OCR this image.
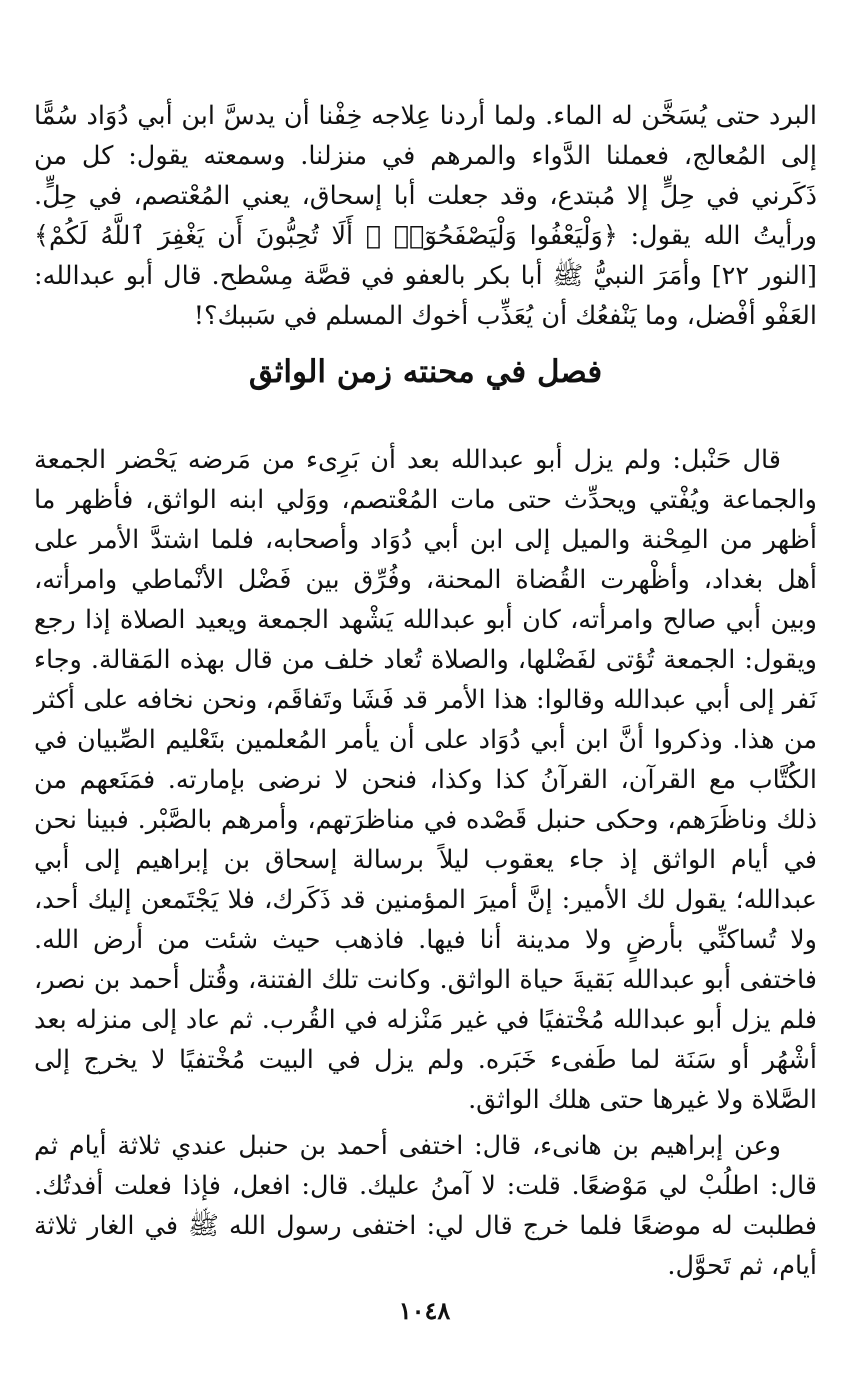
البرد حتى يُسَخَّن له الماء. ولما أردنا عِلاجه خِفْنا أن يدسَّ ابن أبي دُوَاد سُمًّا إلى المُعالج، فعملنا الدَّواء والمرهم في منزلنا. وسمعته يقول: كل من ذَكَرني في حِلٍّ إلا مُبتدع، وقد جعلت أبا إسحاق، يعني المُعْتصم، في حِلٍّ. ورأيتُ الله يقول: ﴿وَلْيَعْفُوا وَلْيَصْفَحُوٓا۟ ۗ أَلَا تُحِبُّونَ أَن يَغْفِرَ ٱللَّهُ لَكُمْ﴾ [النور ٢٢] وأمَرَ النبيُّ ﷺ أبا بكر بالعفو في قصَّة مِسْطح. قال أبو عبدالله: العَفْو أفْضل، وما يَنْفعُك أن يُعَذِّب أخوك المسلم في سَببك؟!

فصل في محنته زمن الواثق

قال حَنْبل: ولم يزل أبو عبدالله بعد أن بَرِىء من مَرضه يَحْضر الجمعة والجماعة ويُفْتي ويحدِّث حتى مات المُعْتصم، ووَلي ابنه الواثق، فأظهر ما أظهر من المِحْنة والميل إلى ابن أبي دُوَاد وأصحابه، فلما اشتدَّ الأمر على أهل بغداد، وأظْهرت القُضاة المحنة، وفُرِّق بين فَضْل الأنْماطي وامرأته، وبين أبي صالح وامرأته، كان أبو عبدالله يَشْهد الجمعة ويعيد الصلاة إذا رجع ويقول: الجمعة تُؤتى لفَضْلها، والصلاة تُعاد خلف من قال بهذه المَقالة. وجاء نَفر إلى أبي عبدالله وقالوا: هذا الأمر قد فَشَا وتَفاقَم، ونحن نخافه على أكثر من هذا. وذكروا أنَّ ابن أبي دُوَاد على أن يأمر المُعلمين بتَعْليم الصِّبيان في الكُتَّاب مع القرآن، القرآنُ كذا وكذا، فنحن لا نرضى بإمارته. فمَنَعهم من ذلك وناظَرَهم، وحكى حنبل قَصْده في مناظرَتهم، وأمرهم بالصَّبْر. فبينا نحن في أيام الواثق إذ جاء يعقوب ليلاً برسالة إسحاق بن إبراهيم إلى أبي عبدالله؛ يقول لك الأمير: إنَّ أميرَ المؤمنين قد ذَكَرك، فلا يَجْتَمعن إليك أحد، ولا تُساكنِّي بأرضٍ ولا مدينة أنا فيها. فاذهب حيث شئت من أرض الله. فاختفى أبو عبدالله بَقيةَ حياة الواثق. وكانت تلك الفتنة، وقُتل أحمد بن نصر، فلم يزل أبو عبدالله مُخْتفيًا في غير مَنْزله في القُرب. ثم عاد إلى منزله بعد أشْهُر أو سَنَة لما طَفىء خَبَره. ولم يزل في البيت مُخْتفيًا لا يخرج إلى الصَّلاة ولا غيرها حتى هلك الواثق.

وعن إبراهيم بن هانىء، قال: اختفى أحمد بن حنبل عندي ثلاثة أيام ثم قال: اطلُبْ لي مَوْضعًا. قلت: لا آمنُ عليك. قال: افعل، فإذا فعلت أفدتُك. فطلبت له موضعًا فلما خرج قال لي: اختفى رسول الله ﷺ في الغار ثلاثة أيام، ثم تَحوَّل.

١٠٤٨
